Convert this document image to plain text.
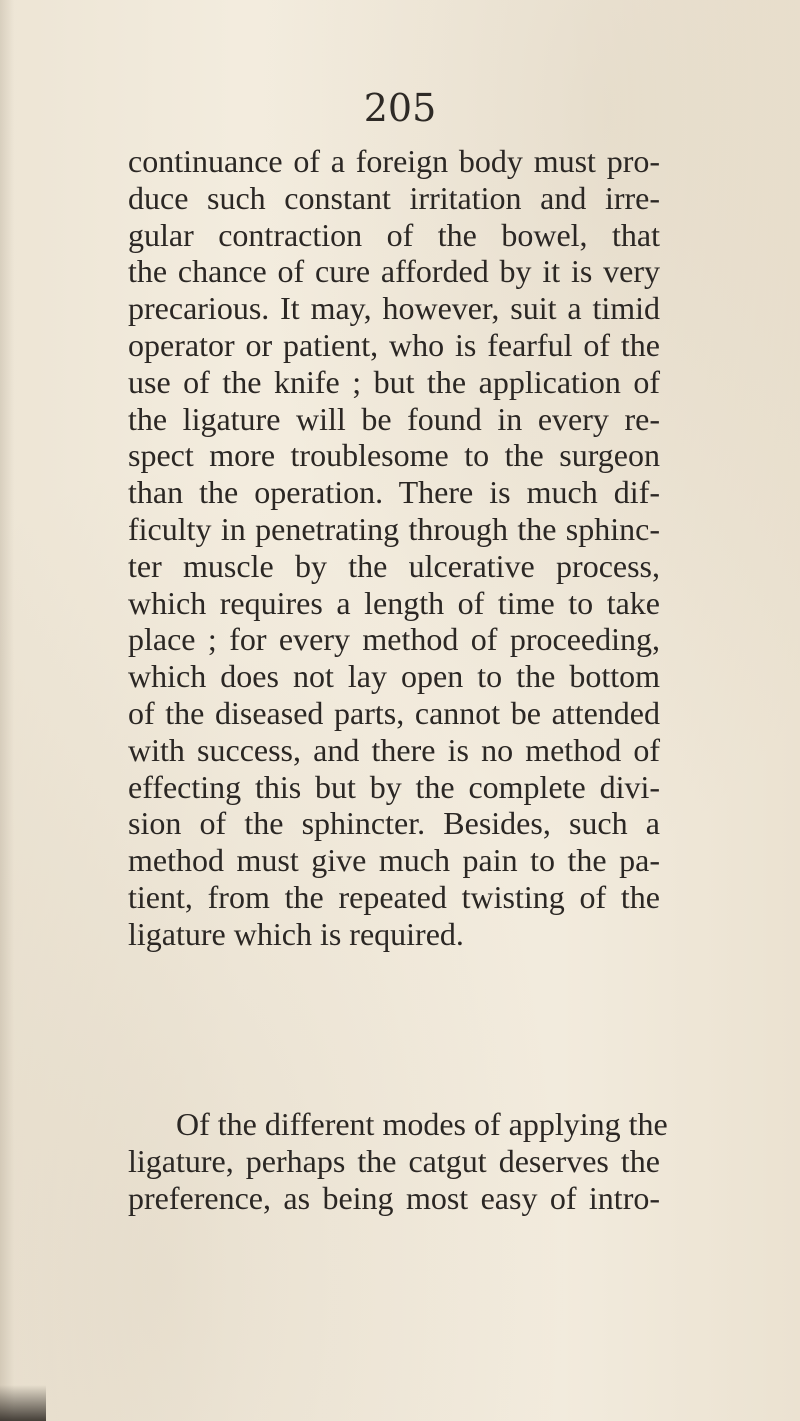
205

continuance of a foreign body must pro-
duce such constant irritation and irre-
gular contraction of the bowel, that
the chance of cure afforded by it is very
precarious. It may, however, suit a timid
operator or patient, who is fearful of the
use of the knife ; but the application of
the ligature will be found in every re-
spect more troublesome to the surgeon
than the operation. There is much dif-
ficulty in penetrating through the sphinc-
ter muscle by the ulcerative process,
which requires a length of time to take
place ; for every method of proceeding,
which does not lay open to the bottom
of the diseased parts, cannot be attended
with success, and there is no method of
effecting this but by the complete divi-
sion of the sphincter. Besides, such a
method must give much pain to the pa-
tient, from the repeated twisting of the
ligature which is required.
Of the different modes of applying the
ligature, perhaps the catgut deserves the
preference, as being most easy of intro-
